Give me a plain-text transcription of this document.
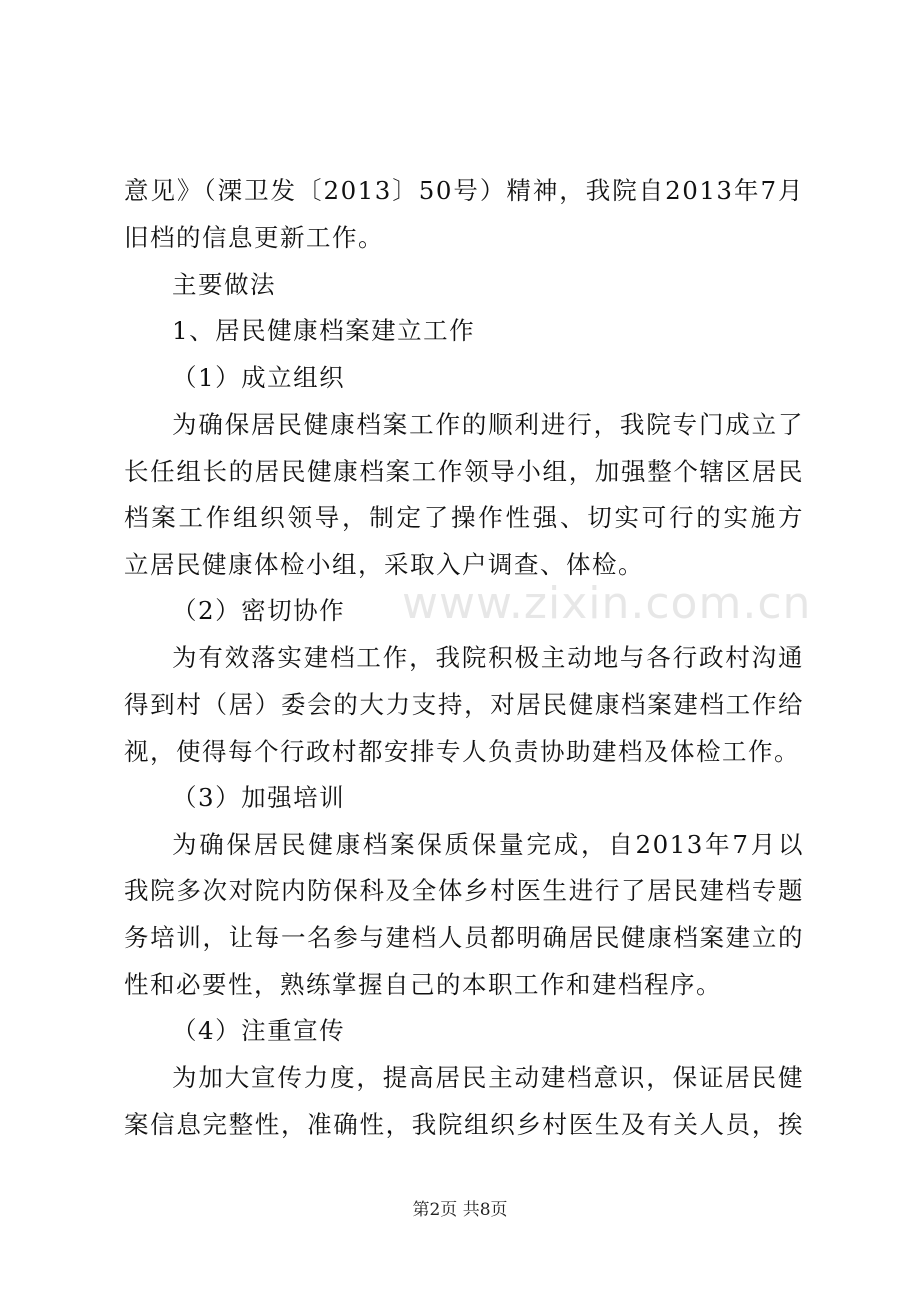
www.zixin.com.cn
意见》（溧卫发〔2013〕50号）精神，我院自2013年7月
旧档的信息更新工作。
主要做法
1、居民健康档案建立工作
（1）成立组织
为确保居民健康档案工作的顺利进行，我院专门成立了
长任组长的居民健康档案工作领导小组，加强整个辖区居民
档案工作组织领导，制定了操作性强、切实可行的实施方
立居民健康体检小组，采取入户调查、体检。
（2）密切协作
为有效落实建档工作，我院积极主动地与各行政村沟通
得到村（居）委会的大力支持，对居民健康档案建档工作给
视，使得每个行政村都安排专人负责协助建档及体检工作。
（3）加强培训
为确保居民健康档案保质保量完成，自2013年7月以
我院多次对院内防保科及全体乡村医生进行了居民建档专题
务培训，让每一名参与建档人员都明确居民健康档案建立的
性和必要性，熟练掌握自己的本职工作和建档程序。
（4）注重宣传
为加大宣传力度，提高居民主动建档意识，保证居民健
案信息完整性，准确性，我院组织乡村医生及有关人员，挨
第2页 共8页
